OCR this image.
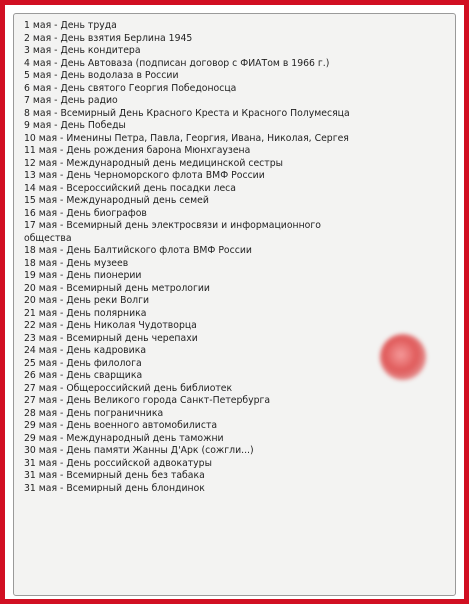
1 мая - День труда
2 мая - День взятия Берлина 1945
3 мая - День кондитера
4 мая - День Автоваза (подписан договор с ФИАТом в 1966 г.)
5 мая - День водолаза в России
6 мая - День святого Георгия Победоносца
7 мая - День радио
8 мая - Всемирный День Красного Креста и Красного Полумесяца
9 мая - День Победы
10 мая - Именины Петра, Павла, Георгия, Ивана, Николая, Сергея
11 мая - День рождения барона Мюнхгаузена
12 мая - Международный день медицинской сестры
13 мая - День Черноморского флота ВМФ России
14 мая - Всероссийский день посадки леса
15 мая - Международный день семей
16 мая - День биографов
17 мая - Всемирный день электросвязи и информационного
общества
18 мая - День Балтийского флота ВМФ России
18 мая - День музеев
19 мая - День пионерии
20 мая - Всемирный день метрологии
20 мая - День реки Волги
21 мая - День полярника
22 мая - День Николая Чудотворца
23 мая - Всемирный день черепахи
24 мая - День кадровика
25 мая - День филолога
26 мая - День сварщика
27 мая - Общероссийский день библиотек
27 мая - День Великого города Санкт-Петербурга
28 мая - День пограничника
29 мая - День военного автомобилиста
29 мая - Международный день таможни
30 мая - День памяти Жанны Д'Арк (сожгли...)
31 мая - День российской адвокатуры
31 мая - Всемирный день без табака
31 мая - Всемирный день блондинок
